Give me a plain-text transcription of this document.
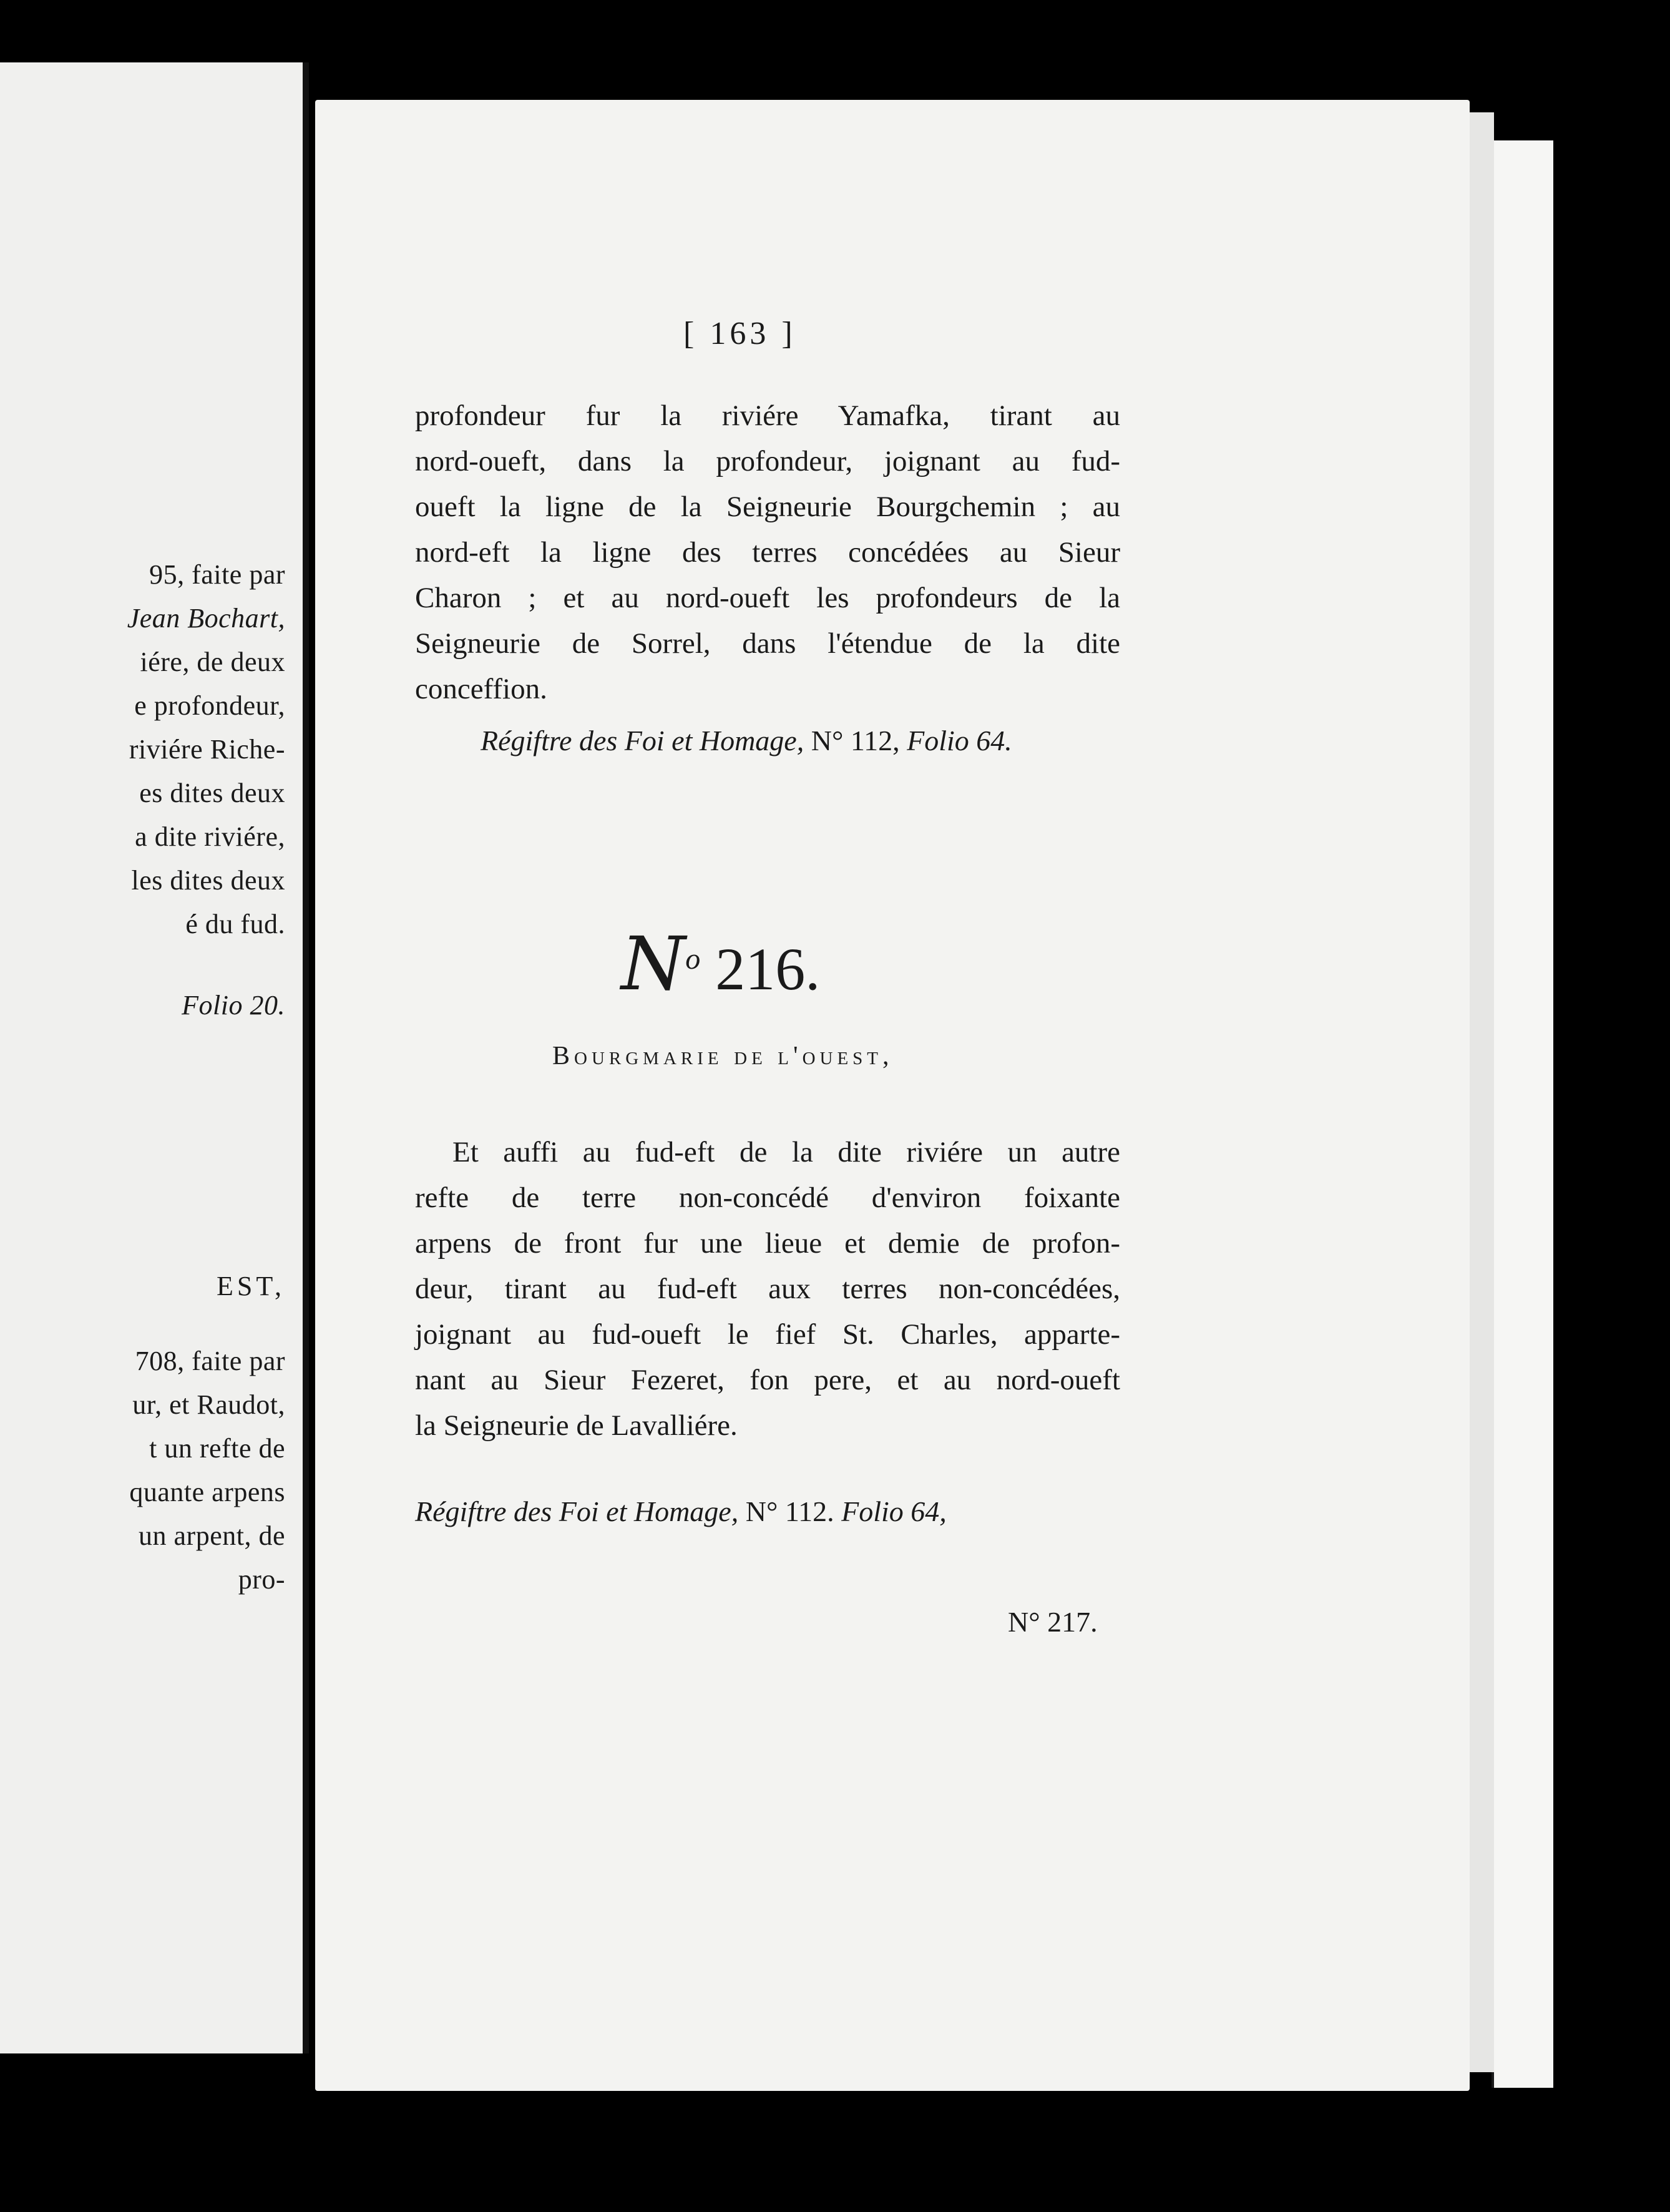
95, faite par
Jean Bochart,
iére, de deux
e profondeur,
riviére Riche-
es dites deux
a dite riviére,
les dites deux
é du fud.
Folio 20.
EST,
708, faite par
ur, et Raudot,
t un refte de
quante arpens
un arpent, de
pro-
[ 163 ]
profondeur fur la riviére Yamafka, tirant au
nord-oueft, dans la profondeur, joignant au fud-
oueft la ligne de la Seigneurie Bourgchemin ; au
nord-eft la ligne des terres concédées au Sieur
Charon ; et au nord-oueft les profondeurs de la
Seigneurie de Sorrel, dans l'étendue de la dite
conceffion.
Régiftre des Foi et Homage, N° 112, Folio 64.
$N^o$ 216.
Bourgmarie de l'ouest,
Et auffi au fud-eft de la dite riviére un autre
refte de terre non-concédé d'environ foixante
arpens de front fur une lieue et demie de profon-
deur, tirant au fud-eft aux terres non-concédées,
joignant au fud-oueft le fief St. Charles, apparte-
nant au Sieur Fezeret, fon pere, et au nord-oueft
la Seigneurie de Lavalliére.
Régiftre des Foi et Homage, N° 112. Folio 64,
N° 217.
